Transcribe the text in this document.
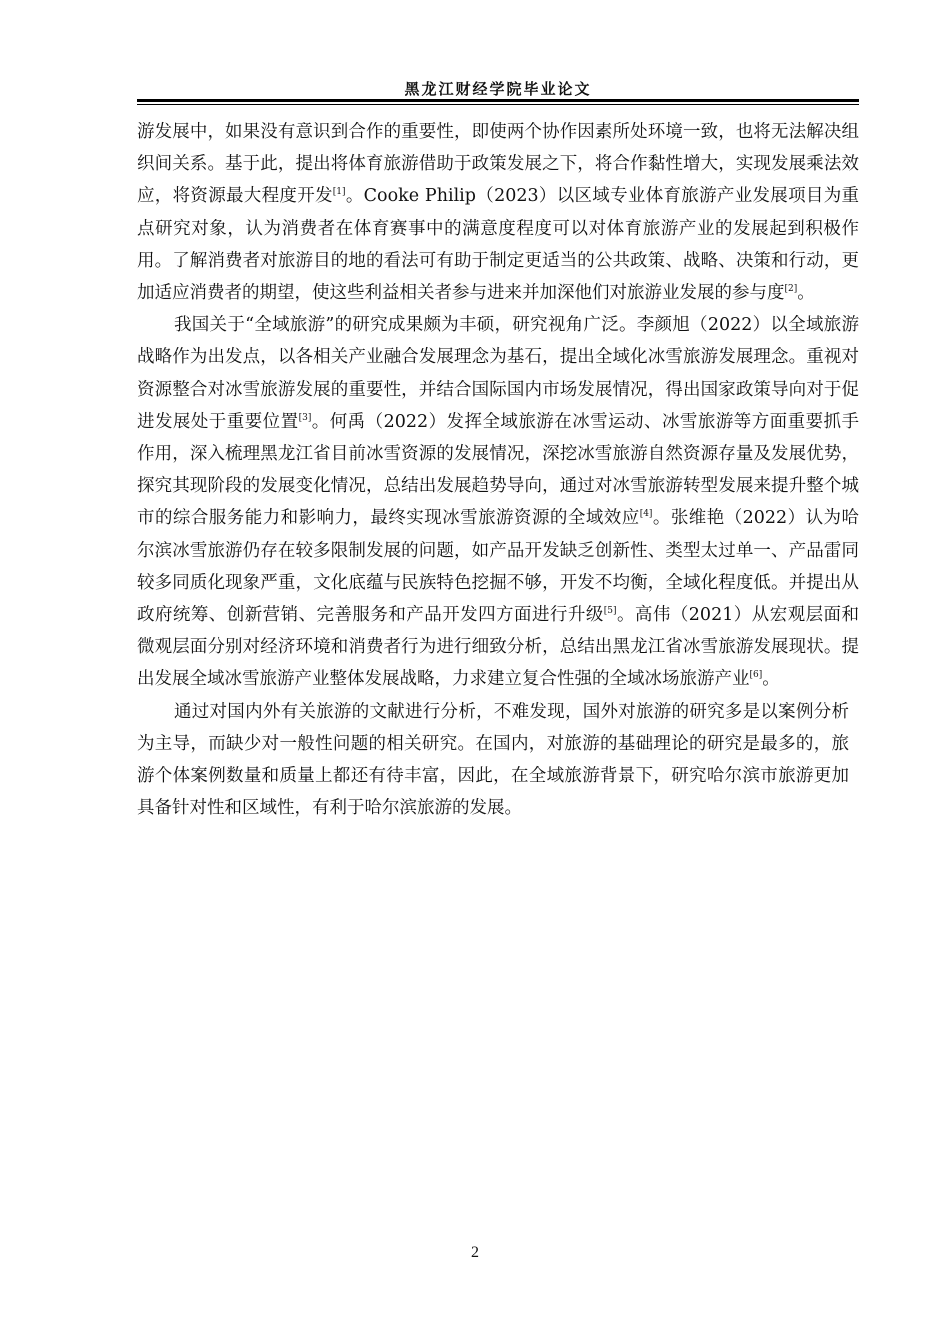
黑龙江财经学院毕业论文

游发展中，如果没有意识到合作的重要性，即使两个协作因素所处环境一致，也将无法解决组织间关系。基于此，提出将体育旅游借助于政策发展之下，将合作黏性增大，实现发展乘法效应，将资源最大程度开发[1]。Cooke Philip（2023）以区域专业体育旅游产业发展项目为重点研究对象，认为消费者在体育赛事中的满意度程度可以对体育旅游产业的发展起到积极作用。了解消费者对旅游目的地的看法可有助于制定更适当的公共政策、战略、决策和行动，更加适应消费者的期望，使这些利益相关者参与进来并加深他们对旅游业发展的参与度[2]。

我国关于“全域旅游”的研究成果颇为丰硕，研究视角广泛。李颜旭（2022）以全域旅游战略作为出发点，以各相关产业融合发展理念为基石，提出全域化冰雪旅游发展理念。重视对资源整合对冰雪旅游发展的重要性，并结合国际国内市场发展情况，得出国家政策导向对于促进发展处于重要位置[3]。何禹（2022）发挥全域旅游在冰雪运动、冰雪旅游等方面重要抓手作用，深入梳理黑龙江省目前冰雪资源的发展情况，深挖冰雪旅游自然资源存量及发展优势，探究其现阶段的发展变化情况，总结出发展趋势导向，通过对冰雪旅游转型发展来提升整个城市的综合服务能力和影响力，最终实现冰雪旅游资源的全域效应[4]。张维艳（2022）认为哈尔滨冰雪旅游仍存在较多限制发展的问题，如产品开发缺乏创新性、类型太过单一、产品雷同较多同质化现象严重，文化底蕴与民族特色挖掘不够，开发不均衡，全域化程度低。并提出从政府统筹、创新营销、完善服务和产品开发四方面进行升级[5]。高伟（2021）从宏观层面和微观层面分别对经济环境和消费者行为进行细致分析，总结出黑龙江省冰雪旅游发展现状。提出发展全域冰雪旅游产业整体发展战略，力求建立复合性强的全域冰场旅游产业[6]。

通过对国内外有关旅游的文献进行分析，不难发现，国外对旅游的研究多是以案例分析为主导，而缺少对一般性问题的相关研究。在国内，对旅游的基础理论的研究是最多的，旅游个体案例数量和质量上都还有待丰富，因此，在全域旅游背景下，研究哈尔滨市旅游更加具备针对性和区域性，有利于哈尔滨旅游的发展。

2
